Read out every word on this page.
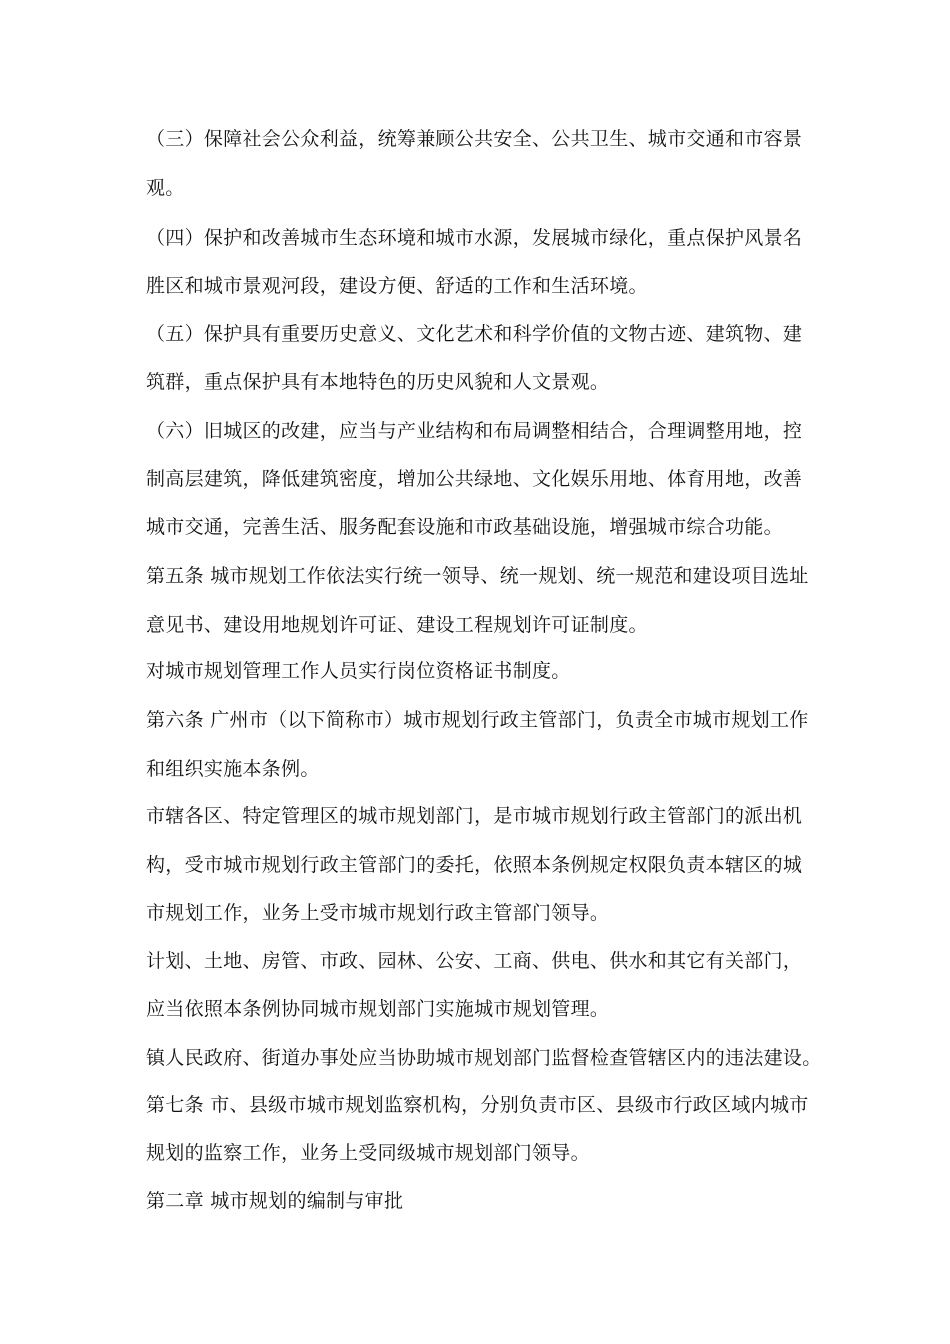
（三）保障社会公众利益，统筹兼顾公共安全、公共卫生、城市交通和市容景
观。
（四）保护和改善城市生态环境和城市水源，发展城市绿化，重点保护风景名
胜区和城市景观河段，建设方便、舒适的工作和生活环境。
（五）保护具有重要历史意义、文化艺术和科学价值的文物古迹、建筑物、建
筑群，重点保护具有本地特色的历史风貌和人文景观。
（六）旧城区的改建，应当与产业结构和布局调整相结合，合理调整用地，控
制高层建筑，降低建筑密度，增加公共绿地、文化娱乐用地、体育用地，改善
城市交通，完善生活、服务配套设施和市政基础设施，增强城市综合功能。
第五条 城市规划工作依法实行统一领导、统一规划、统一规范和建设项目选址
意见书、建设用地规划许可证、建设工程规划许可证制度。
对城市规划管理工作人员实行岗位资格证书制度。
第六条 广州市（以下简称市）城市规划行政主管部门，负责全市城市规划工作
和组织实施本条例。
市辖各区、特定管理区的城市规划部门，是市城市规划行政主管部门的派出机
构，受市城市规划行政主管部门的委托，依照本条例规定权限负责本辖区的城
市规划工作，业务上受市城市规划行政主管部门领导。
计划、土地、房管、市政、园林、公安、工商、供电、供水和其它有关部门，
应当依照本条例协同城市规划部门实施城市规划管理。
镇人民政府、街道办事处应当协助城市规划部门监督检查管辖区内的违法建设。
第七条 市、县级市城市规划监察机构，分别负责市区、县级市行政区域内城市
规划的监察工作，业务上受同级城市规划部门领导。
第二章 城市规划的编制与审批
